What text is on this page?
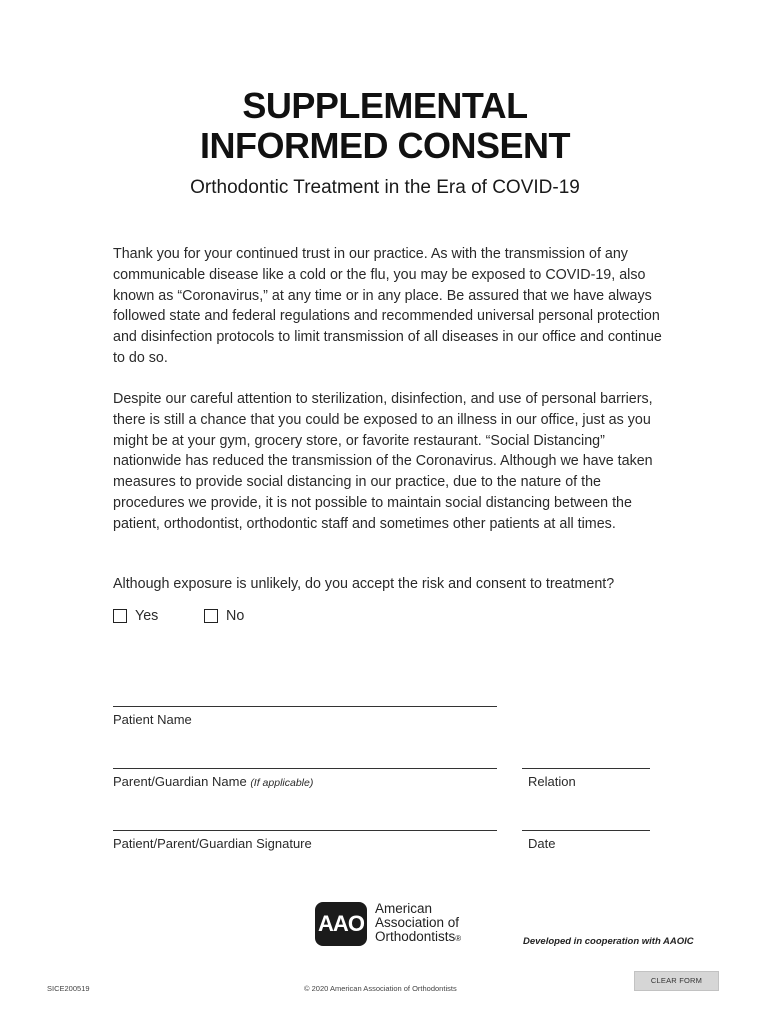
SUPPLEMENTAL
INFORMED CONSENT
Orthodontic Treatment in the Era of COVID-19
Thank you for your continued trust in our practice. As with the transmission of any communicable disease like a cold or the flu, you may be exposed to COVID-19, also known as “Coronavirus,” at any time or in any place. Be assured that we have always followed state and federal regulations and recommended universal personal protection and disinfection protocols to limit transmission of all diseases in our office and continue to do so.
Despite our careful attention to sterilization, disinfection, and use of personal barriers, there is still a chance that you could be exposed to an illness in our office, just as you might be at your gym, grocery store, or favorite restaurant. “Social Distancing” nationwide has reduced the transmission of the Coronavirus. Although we have taken measures to provide social distancing in our practice, due to the nature of the procedures we provide, it is not possible to maintain social distancing between the patient, orthodontist, orthodontic staff and sometimes other patients at all times.
Although exposure is unlikely, do you accept the risk and consent to treatment?
Yes	No
Patient Name
Parent/Guardian Name (If applicable)	Relation
Patient/Parent/Guardian Signature	Date
AAO
American
Association of
Orthodontists®	Developed in cooperation with AAOIC
SICE200519	© 2020 American Association of Orthodontists
CLEAR FORM
